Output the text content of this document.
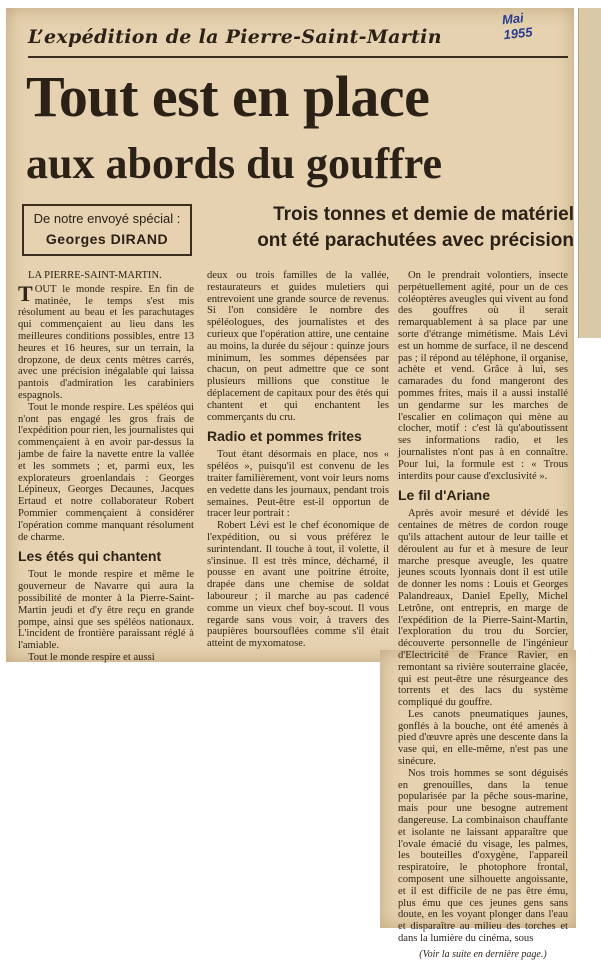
Mai 1955
L’expédition de la Pierre-Saint-Martin
Tout est en place
aux abords du gouffre
De notre envoyé spécial :
Georges DIRAND
Trois tonnes et demie de matériel
ont été parachutées avec précision

LA PIERRE-SAINT-MARTIN.

TOUT le monde respire. En fin de matinée, le temps s'est mis résolument au beau et les parachutages qui commençaient au lieu dans les meilleures conditions possibles, entre 13 heures et 16 heures, sur un terrain, la dropzone, de deux cents mètres carrés, avec une précision inégalable qui laissa pantois d'admiration les carabiniers espagnols.

Tout le monde respire. Les spéléos qui n'ont pas engagé les gros frais de l'expédition pour rien, les journalistes qui commençaient à en avoir par-dessus la jambe de faire la navette entre la vallée et les sommets ; et, parmi eux, les explorateurs groenlandais : Georges Lépineux, Georges Decaunes, Jacques Ertaud et notre collaborateur Robert Pommier commençaient à considérer l'opération comme manquant résolument de charme.

Les étés qui chantent

Tout le monde respire et même le gouverneur de Navarre qui aura la possibilité de monter à la Pierre-Saint-Martin jeudi et d'y être reçu en grande pompe, ainsi que ses spéléos nationaux. L'incident de frontière paraissant réglé à l'amiable.

Tout le monde respire et aussi

deux ou trois familles de la vallée, restaurateurs et guides muletiers qui entrevoient une grande source de revenus. Si l'on considère le nombre des spéléologues, des journalistes et des curieux que l'opération attire, une centaine au moins, la durée du séjour : quinze jours minimum, les sommes dépensées par chacun, on peut admettre que ce sont plusieurs millions que constitue le déplacement de capitaux pour des étés qui chantent et qui enchantent les commerçants du cru.

Radio et pommes frites

Tout étant désormais en place, nos « spéléos », puisqu'il est convenu de les traiter familièrement, vont voir leurs noms en vedette dans les journaux, pendant trois semaines. Peut-être est-il opportun de tracer leur portrait :

Robert Lévi est le chef économique de l'expédition, ou si vous préférez le surintendant. Il touche à tout, il volette, il s'insinue. Il est très mince, décharné, il pousse en avant une poitrine étroite, drapée dans une chemise de soldat laboureur ; il marche au pas cadencé comme un vieux chef boy-scout. Il vous regarde sans vous voir, à travers des paupières boursouflées comme s'il était atteint de myxomatose.

On le prendrait volontiers, insecte perpétuellement agité, pour un de ces coléoptères aveugles qui vivent au fond des gouffres où il serait remarquablement à sa place par une sorte d'étrange mimétisme. Mais Lévi est un homme de surface, il ne descend pas ; il répond au téléphone, il organise, achète et vend. Grâce à lui, ses camarades du fond mangeront des pommes frites, mais il a aussi installé un gendarme sur les marches de l'escalier en colimaçon qui mène au clocher, motif : c'est là qu'aboutissent ses informations radio, et les journalistes n'ont pas à en connaître. Pour lui, la formule est : « Trous interdits pour cause d'exclusivité ».

Le fil d'Ariane

Après avoir mesuré et dévidé les centaines de mètres de cordon rouge qu'ils attachent autour de leur taille et déroulent au fur et à mesure de leur marche presque aveugle, les quatre jeunes scouts lyonnais dont il est utile de donner les noms : Louis et Georges Palandreaux, Daniel Epelly, Michel Letrône, ont entrepris, en marge de l'expédition de la Pierre-Saint-Martin, l'exploration du trou du Sorcier, découverte personnelle de l'ingénieur d'Electricité de France Ravier, en remontant sa rivière souterraine glacée, qui est peut-être une résurgeance des torrents et des lacs du système compliqué du gouffre.

Les canots pneumatiques jaunes, gonflés à la bouche, ont été amenés à pied d'œuvre après une descente dans la vase qui, en elle-même, n'est pas une sinécure.

Nos trois hommes se sont déguisés en grenouilles, dans la tenue popularisée par la pêche sous-marine, mais pour une besogne autrement dangereuse. La combinaison chauffante et isolante ne laissant apparaître que l'ovale émacié du visage, les palmes, les bouteilles d'oxygène, l'appareil respiratoire, le photophore frontal, composent une silhouette angoissante, et il est difficile de ne pas être ému, plus ému que ces jeunes gens sans doute, en les voyant plonger dans l'eau et disparaître au milieu des torches et dans la lumière du cinéma, sous

(Voir la suite en dernière page.)
